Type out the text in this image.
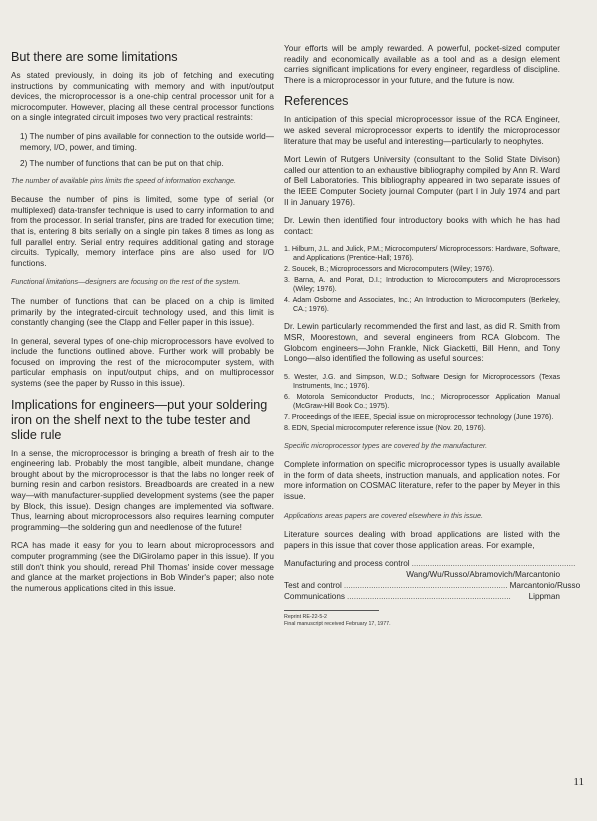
But there are some limitations

As stated previously, in doing its job of fetching and executing instructions by communicating with memory and with input/output devices, the microprocessor is a one-chip central processor unit for a microcomputer. However, placing all these central processor functions on a single integrated circuit imposes two very practical restraints:

1) The number of pins available for connection to the outside world—memory, I/O, power, and timing.

2) The number of functions that can be put on that chip.

The number of available pins limits the speed of information exchange.

Because the number of pins is limited, some type of serial (or multiplexed) data-transfer technique is used to carry information to and from the processor. In serial transfer, pins are traded for execution time; that is, entering 8 bits serially on a single pin takes 8 times as long as full parallel entry. Serial entry requires additional gating and storage circuits. Typically, memory interface pins are also used for I/O functions.

Functional limitations—designers are focusing on the rest of the system.

The number of functions that can be placed on a chip is limited primarily by the integrated-circuit technology used, and this limit is constantly changing (see the Clapp and Feller paper in this issue).

In general, several types of one-chip microprocessors have evolved to include the functions outlined above. Further work will probably be focused on improving the rest of the microcomputer system, with particular emphasis on input/output chips, and on multiprocessor systems (see the paper by Russo in this issue).

Implications for engineers—put your soldering iron on the shelf next to the tube tester and slide rule

In a sense, the microprocessor is bringing a breath of fresh air to the engineering lab. Probably the most tangible, albeit mundane, change brought about by the microprocessor is that the labs no longer reek of burning resin and carbon resistors. Breadboards are created in a new way—with manufacturer-supplied development systems (see the paper by Block, this issue). Design changes are implemented via software. Thus, learning about microprocessors also requires learning computer programming—the soldering gun and needlenose of the future!

RCA has made it easy for you to learn about microprocessors and computer programming (see the DiGirolamo paper in this issue). If you still don't think you should, reread Phil Thomas' inside cover message and glance at the market projections in Bob Winder's paper; also note the numerous applications cited in this issue.

Your efforts will be amply rewarded. A powerful, pocket-sized computer readily and economically available as a tool and as a design element carries significant implications for every engineer, regardless of discipline. There is a microprocessor in your future, and the future is now.

References

In anticipation of this special microprocessor issue of the RCA Engineer, we asked several microprocessor experts to identify the microprocessor literature that may be useful and interesting—particularly to neophytes.

Mort Lewin of Rutgers University (consultant to the Solid State Divison) called our attention to an exhaustive bibliography compiled by Ann R. Ward of Bell Laboratories. This bibliography appeared in two separate issues of the IEEE Computer Society journal Computer (part I in July 1974 and part II in January 1976).

Dr. Lewin then identified four introductory books with which he has had contact:

1. Hilburn, J.L. and Julick, P.M.; Microcomputers/ Microprocessors: Hardware, Software, and Applications (Prentice-Hall; 1976).
2. Soucek, B.; Microprocessors and Microcomputers (Wiley; 1976).
3. Barna, A. and Porat, D.I.; Introduction to Microcomputers and Microprocessors (Wiley; 1976).
4. Adam Osborne and Associates, Inc.; An Introduction to Microcomputers (Berkeley, CA.; 1976).

Dr. Lewin particularly recommended the first and last, as did R. Smith from MSR, Moorestown, and several engineers from RCA Globcom. The Globcom engineers—John Frankle, Nick Giacketti, Bill Henn, and Tony Longo—also identified the following as useful sources:

5. Wester, J.G. and Simpson, W.D.; Software Design for Microprocessors (Texas Instruments, Inc.; 1976).
6. Motorola Semiconductor Products, Inc.; Microprocessor Application Manual (McGraw-Hill Book Co.; 1975).
7. Proceedings of the IEEE, Special issue on microprocessor technology (June 1976).
8. EDN, Special microcomputer reference issue (Nov. 20, 1976).

Specific microprocessor types are covered by the manufacturer.

Complete information on specific microprocessor types is usually available in the form of data sheets, instruction manuals, and application notes. For more information on COSMAC literature, refer to the paper by Meyer in this issue.

Applications areas papers are covered elsewhere in this issue.

Literature sources dealing with broad applications are listed with the papers in this issue that cover those application areas. For example,

Manufacturing and process control ........................................................................
Wang/Wu/Russo/Abramovich/Marcantonio
Test and control ........................................................................ Marcantonio/Russo
Communications ........................................................................	Lippman
Reprint RE-22-5-2
Final manuscript received February 17, 1977.
11
